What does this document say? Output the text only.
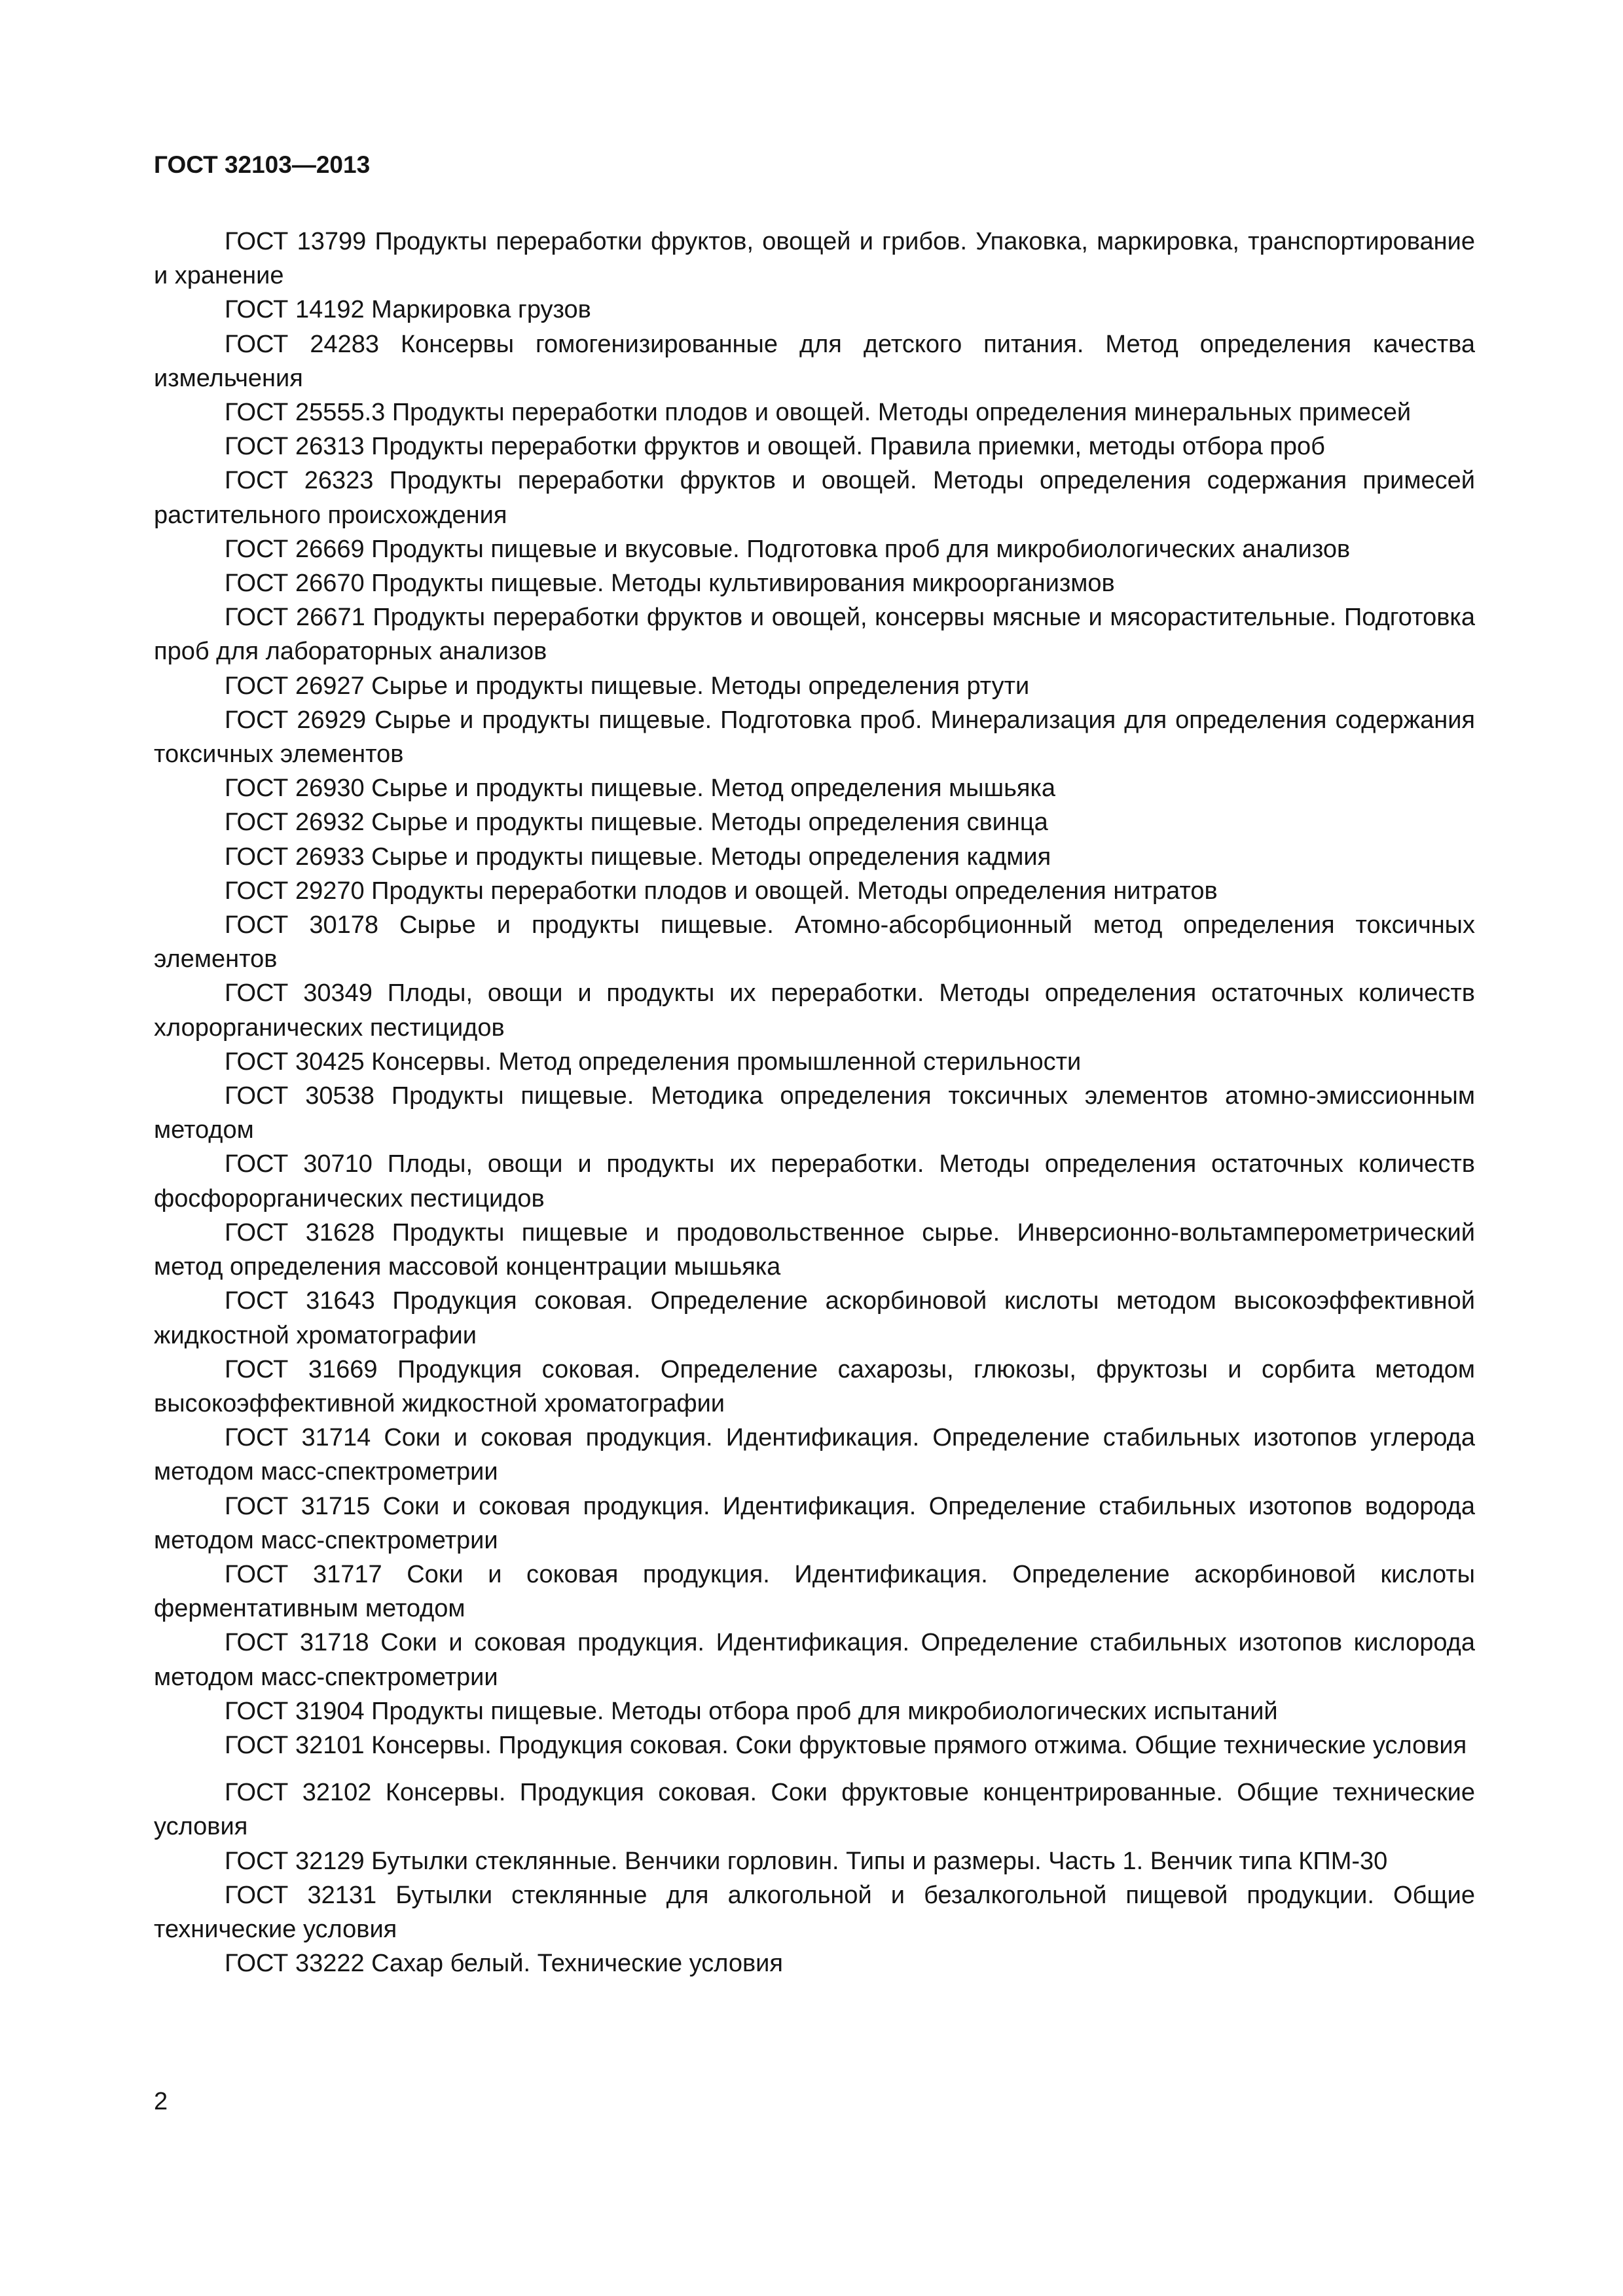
ГОСТ 32103—2013
ГОСТ 13799 Продукты переработки фруктов, овощей и грибов. Упаковка, маркировка, транспортирование и хранение
ГОСТ 14192 Маркировка грузов
ГОСТ 24283 Консервы гомогенизированные для детского питания. Метод определения качества измельчения
ГОСТ 25555.3 Продукты переработки плодов и овощей. Методы определения минеральных примесей
ГОСТ 26313 Продукты переработки фруктов и овощей. Правила приемки, методы отбора проб
ГОСТ 26323 Продукты переработки фруктов и овощей. Методы определения содержания примесей растительного происхождения
ГОСТ 26669 Продукты пищевые и вкусовые. Подготовка проб для микробиологических анализов
ГОСТ 26670 Продукты пищевые. Методы культивирования микроорганизмов
ГОСТ 26671 Продукты переработки фруктов и овощей, консервы мясные и мясорастительные. Подготовка проб для лабораторных анализов
ГОСТ 26927 Сырье и продукты пищевые. Методы определения ртути
ГОСТ 26929 Сырье и продукты пищевые. Подготовка проб. Минерализация для определения содержания токсичных элементов
ГОСТ 26930 Сырье и продукты пищевые. Метод определения мышьяка
ГОСТ 26932 Сырье и продукты пищевые. Методы определения свинца
ГОСТ 26933 Сырье и продукты пищевые. Методы определения кадмия
ГОСТ 29270 Продукты переработки плодов и овощей. Методы определения нитратов
ГОСТ 30178 Сырье и продукты пищевые. Атомно-абсорбционный метод определения токсичных элементов
ГОСТ 30349 Плоды, овощи и продукты их переработки. Методы определения остаточных количеств хлорорганических пестицидов
ГОСТ 30425 Консервы. Метод определения промышленной стерильности
ГОСТ 30538 Продукты пищевые. Методика определения токсичных элементов атомно-эмиссионным методом
ГОСТ 30710 Плоды, овощи и продукты их переработки. Методы определения остаточных количеств фосфорорганических пестицидов
ГОСТ 31628 Продукты пищевые и продовольственное сырье. Инверсионно-вольтамперометрический метод определения массовой концентрации мышьяка
ГОСТ 31643 Продукция соковая. Определение аскорбиновой кислоты методом высокоэффективной жидкостной хроматографии
ГОСТ 31669 Продукция соковая. Определение сахарозы, глюкозы, фруктозы и сорбита методом высокоэффективной жидкостной хроматографии
ГОСТ 31714 Соки и соковая продукция. Идентификация. Определение стабильных изотопов углерода методом масс-спектрометрии
ГОСТ 31715 Соки и соковая продукция. Идентификация. Определение стабильных изотопов водорода методом масс-спектрометрии
ГОСТ 31717 Соки и соковая продукция. Идентификация. Определение аскорбиновой кислоты ферментативным методом
ГОСТ 31718 Соки и соковая продукция. Идентификация. Определение стабильных изотопов кислорода методом масс-спектрометрии
ГОСТ 31904 Продукты пищевые. Методы отбора проб для микробиологических испытаний
ГОСТ 32101 Консервы. Продукция соковая. Соки фруктовые прямого отжима. Общие технические условия
ГОСТ 32102 Консервы. Продукция соковая. Соки фруктовые концентрированные. Общие технические условия
ГОСТ 32129 Бутылки стеклянные. Венчики горловин. Типы и размеры. Часть 1. Венчик типа КПМ-30
ГОСТ 32131 Бутылки стеклянные для алкогольной и безалкогольной пищевой продукции. Общие технические условия
ГОСТ 33222 Сахар белый. Технические условия
2
